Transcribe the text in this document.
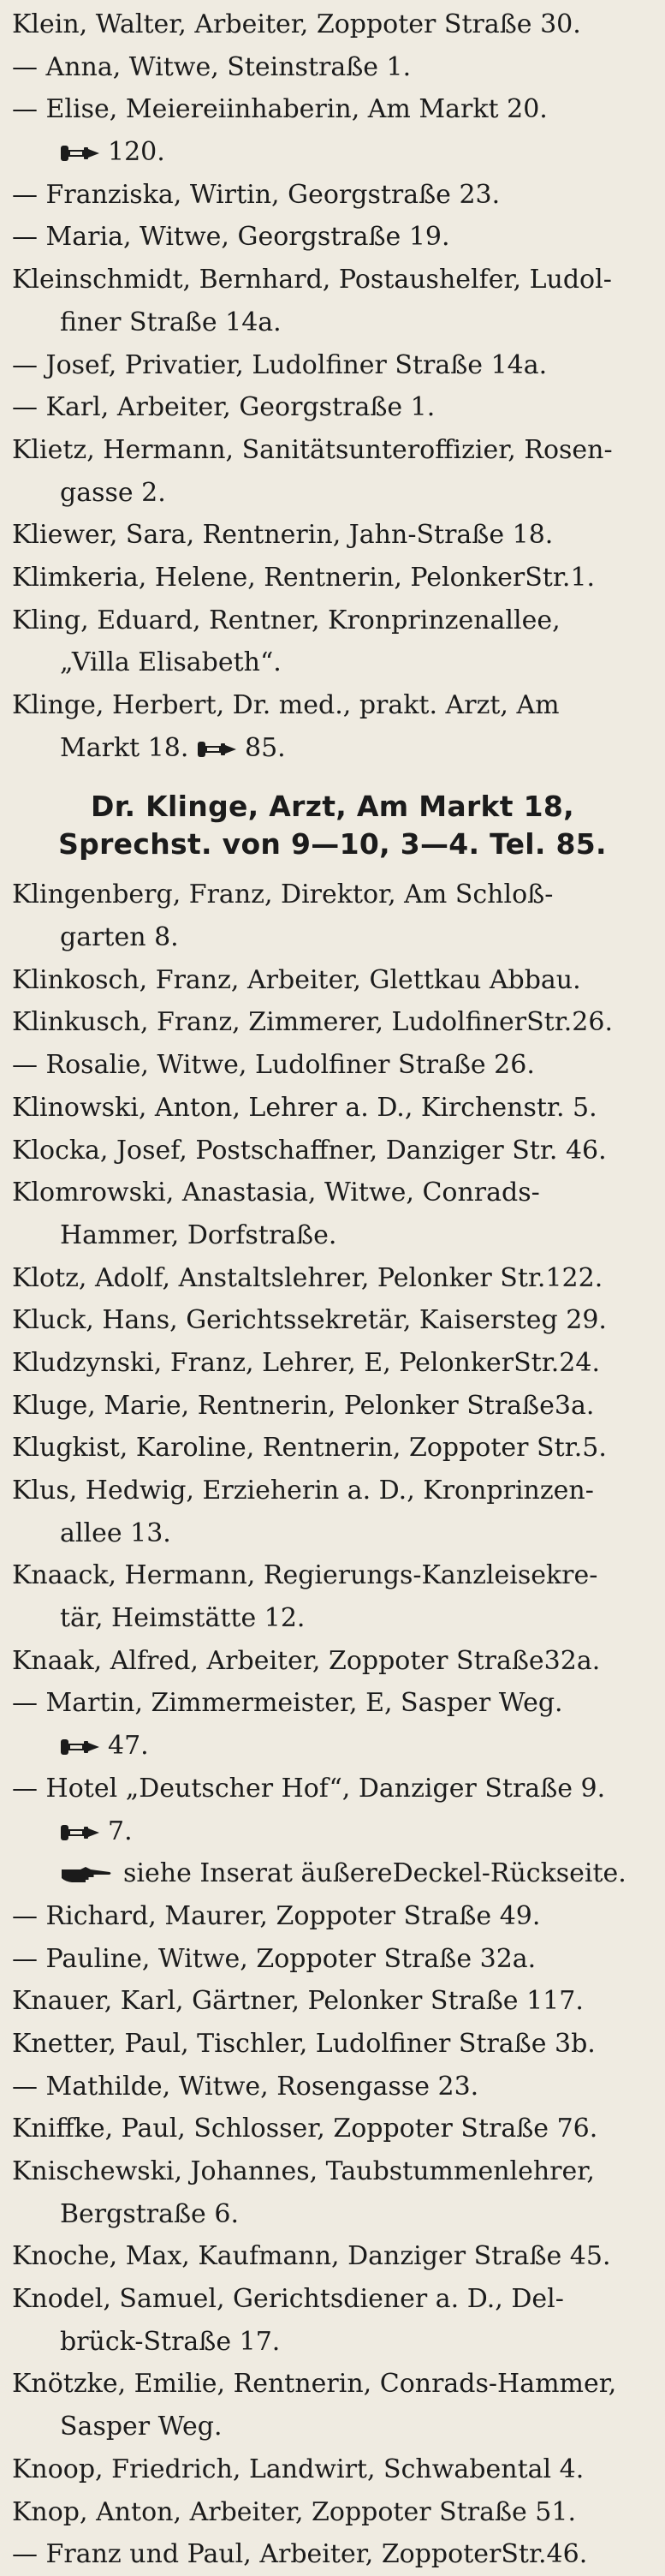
Klein, Walter, Arbeiter, Zoppoter Straße 30.
— Anna, Witwe, Steinstraße 1.
— Elise, Meiereiinhaberin, Am Markt 20.
120.
— Franziska, Wirtin, Georgstraße 23.
— Maria, Witwe, Georgstraße 19.
Kleinschmidt, Bernhard, Postaushelfer, Ludol-
finer Straße 14a.
— Josef, Privatier, Ludolfiner Straße 14a.
— Karl, Arbeiter, Georgstraße 1.
Klietz, Hermann, Sanitätsunteroffizier, Rosen-
gasse 2.
Kliewer, Sara, Rentnerin, Jahn-Straße 18.
Klimkeria, Helene, Rentnerin, PelonkerStr.1.
Kling, Eduard, Rentner, Kronprinzenallee,
„Villa Elisabeth“.
Klinge, Herbert, Dr. med., prakt. Arzt, Am
Markt 18. 85.
Dr. Klinge, Arzt, Am Markt 18,
Sprechst. von 9—10, 3—4. Tel. 85.
Klingenberg, Franz, Direktor, Am Schloß-
garten 8.
Klinkosch, Franz, Arbeiter, Glettkau Abbau.
Klinkusch, Franz, Zimmerer, LudolfinerStr.26.
— Rosalie, Witwe, Ludolfiner Straße 26.
Klinowski, Anton, Lehrer a. D., Kirchenstr. 5.
Klocka, Josef, Postschaffner, Danziger Str. 46.
Klomrowski, Anastasia, Witwe, Conrads-
Hammer, Dorfstraße.
Klotz, Adolf, Anstaltslehrer, Pelonker Str.122.
Kluck, Hans, Gerichtssekretär, Kaisersteg 29.
Kludzynski, Franz, Lehrer, E, PelonkerStr.24.
Kluge, Marie, Rentnerin, Pelonker Straße3a.
Klugkist, Karoline, Rentnerin, Zoppoter Str.5.
Klus, Hedwig, Erzieherin a. D., Kronprinzen-
allee 13.
Knaack, Hermann, Regierungs-Kanzleisekre-
tär, Heimstätte 12.
Knaak, Alfred, Arbeiter, Zoppoter Straße32a.
— Martin, Zimmermeister, E, Sasper Weg.
47.
— Hotel „Deutscher Hof“, Danziger Straße 9.
7.
siehe Inserat äußereDeckel-Rückseite.
— Richard, Maurer, Zoppoter Straße 49.
— Pauline, Witwe, Zoppoter Straße 32a.
Knauer, Karl, Gärtner, Pelonker Straße 117.
Knetter, Paul, Tischler, Ludolfiner Straße 3b.
— Mathilde, Witwe, Rosengasse 23.
Kniffke, Paul, Schlosser, Zoppoter Straße 76.
Knischewski, Johannes, Taubstummenlehrer,
Bergstraße 6.
Knoche, Max, Kaufmann, Danziger Straße 45.
Knodel, Samuel, Gerichtsdiener a. D., Del-
brück-Straße 17.
Knötzke, Emilie, Rentnerin, Conrads-Hammer,
Sasper Weg.
Knoop, Friedrich, Landwirt, Schwabental 4.
Knop, Anton, Arbeiter, Zoppoter Straße 51.
— Franz und Paul, Arbeiter, ZoppoterStr.46.
